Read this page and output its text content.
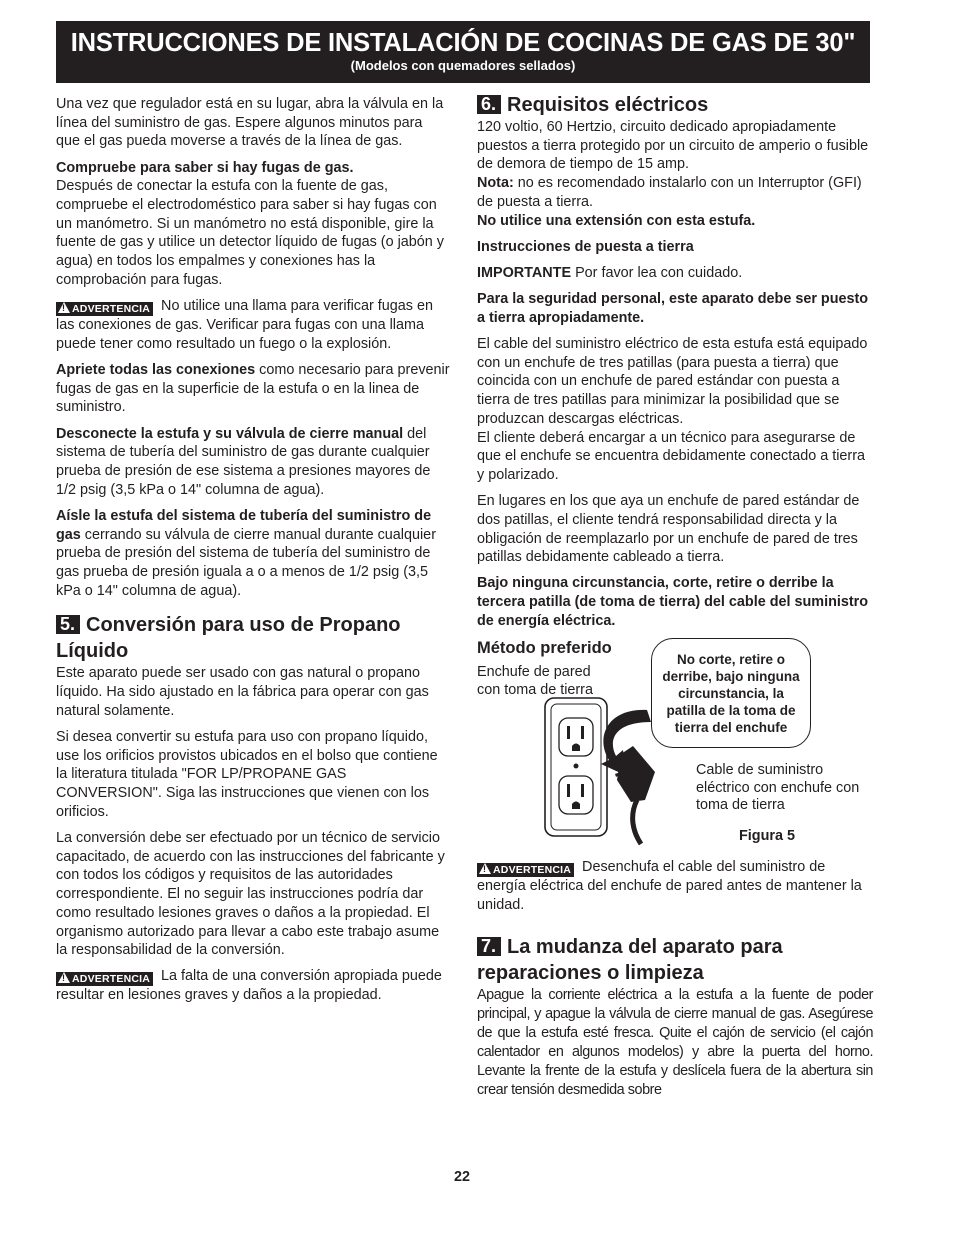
INSTRUCCIONES DE INSTALACIÓN DE COCINAS DE GAS DE 30"
(Modelos con quemadores sellados)

Una vez que regulador está en su lugar, abra la válvula en la línea del suministro de gas. Espere algunos minutos para que el gas pueda moverse a través de la línea de gas.

Compruebe para saber si hay fugas de gas.

Después de conectar la estufa con la fuente de gas, compruebe el electrodoméstico para saber si hay fugas con un manómetro. Si un manómetro no está disponible, gire la fuente de gas y utilice un detector líquido de fugas (o jabón y agua) en todos los empalmes y conexiones has la comprobación para fugas.

!ADVERTENCIA No utilice una llama para verificar fugas en las conexiones de gas. Verificar para fugas con una llama puede tener como resultado un fuego o la explosión.

Apriete todas las conexiones como necesario para prevenir fugas de gas en la superficie de la estufa o en la linea de suministro.

Desconecte la estufa y su válvula de cierre manual del sistema de tubería del suministro de gas durante cualquier prueba de presión de ese sistema a presiones mayores de 1/2 psig (3,5 kPa o 14" columna de agua).

Aísle la estufa del sistema de tubería del suministro de gas cerrando su válvula de cierre manual durante cualquier prueba de presión del sistema de tubería del suministro de gas prueba de presión iguala a o a menos de 1/2 psig (3,5 kPa o 14" columna de agua).

5. Conversión para uso de Propano Líquido

Este aparato puede ser usado con gas natural o propano líquido. Ha sido ajustado en la fábrica para operar con gas natural solamente.

Si desea convertir su estufa para uso con propano líquido, use los orificios provistos ubicados en el bolso que contiene la literatura titulada "FOR LP/PROPANE GAS CONVERSION". Siga las instrucciones que vienen con los orificios.

La conversión debe ser efectuado por un técnico de servicio capacitado, de acuerdo con las instrucciones del fabricante y con todos los códigos y requisitos de las autoridades correspondiente. El no seguir las instrucciones podría dar como resultado lesiones graves o daños a la propiedad. El organismo autorizado para llevar a cabo este trabajo asume la responsabilidad de la conversión.

!ADVERTENCIA La falta de una conversión apropiada puede resultar en lesiones graves y daños a la propiedad.

6. Requisitos eléctricos

120 voltio, 60 Hertzio, circuito dedicado apropiadamente puestos a tierra protegido por un circuito de amperio o fusible de demora de tiempo de 15 amp.

Nota: no es recomendado instalarlo con un Interruptor (GFI) de puesta a tierra.

No utilice una extensión con esta estufa.

Instrucciones de puesta a tierra

IMPORTANTE Por favor lea con cuidado.

Para la seguridad personal, este aparato debe ser puesto a tierra apropiadamente.

El cable del suministro eléctrico de esta estufa está equipado con un enchufe de tres patillas (para puesta a tierra) que coincida con un enchufe de pared estándar con puesta a tierra de tres patillas para minimizar la posibilidad que se produzcan descargas eléctricas.

El cliente deberá encargar a un técnico para asegurarse de que el enchufe se encuentra debidamente conectado a tierra y polarizado.

En lugares en los que aya un enchufe de pared estándar de dos patillas, el cliente tendrá responsabilidad directa y la obligación de reemplazarlo por un enchufe de pared de tres patillas debidamente cableado a tierra.

Bajo ninguna circunstancia, corte, retire o derribe la tercera patilla (de toma de tierra) del cable del suministro de energía eléctrica.

Método preferido
Enchufe de pared con toma de tierra
No corte, retire o derribe, bajo ninguna circunstancia, la patilla de la toma de tierra del enchufe
Cable de suministro eléctrico con enchufe con toma de tierra
Figura 5

!ADVERTENCIA Desenchufa el cable del suministro de energía eléctrica del enchufe de pared antes de mantener la unidad.

7. La mudanza del aparato para reparaciones o limpieza

Apague la corriente eléctrica a la estufa a la fuente de poder principal, y apague la válvula de cierre manual de gas. Asegúrese de que la estufa esté fresca. Quite el cajón de servicio (el cajón calentador en algunos modelos) y abre la puerta del horno. Levante la frente de la estufa y deslícela fuera de la abertura sin crear tensión desmedida sobre

22
